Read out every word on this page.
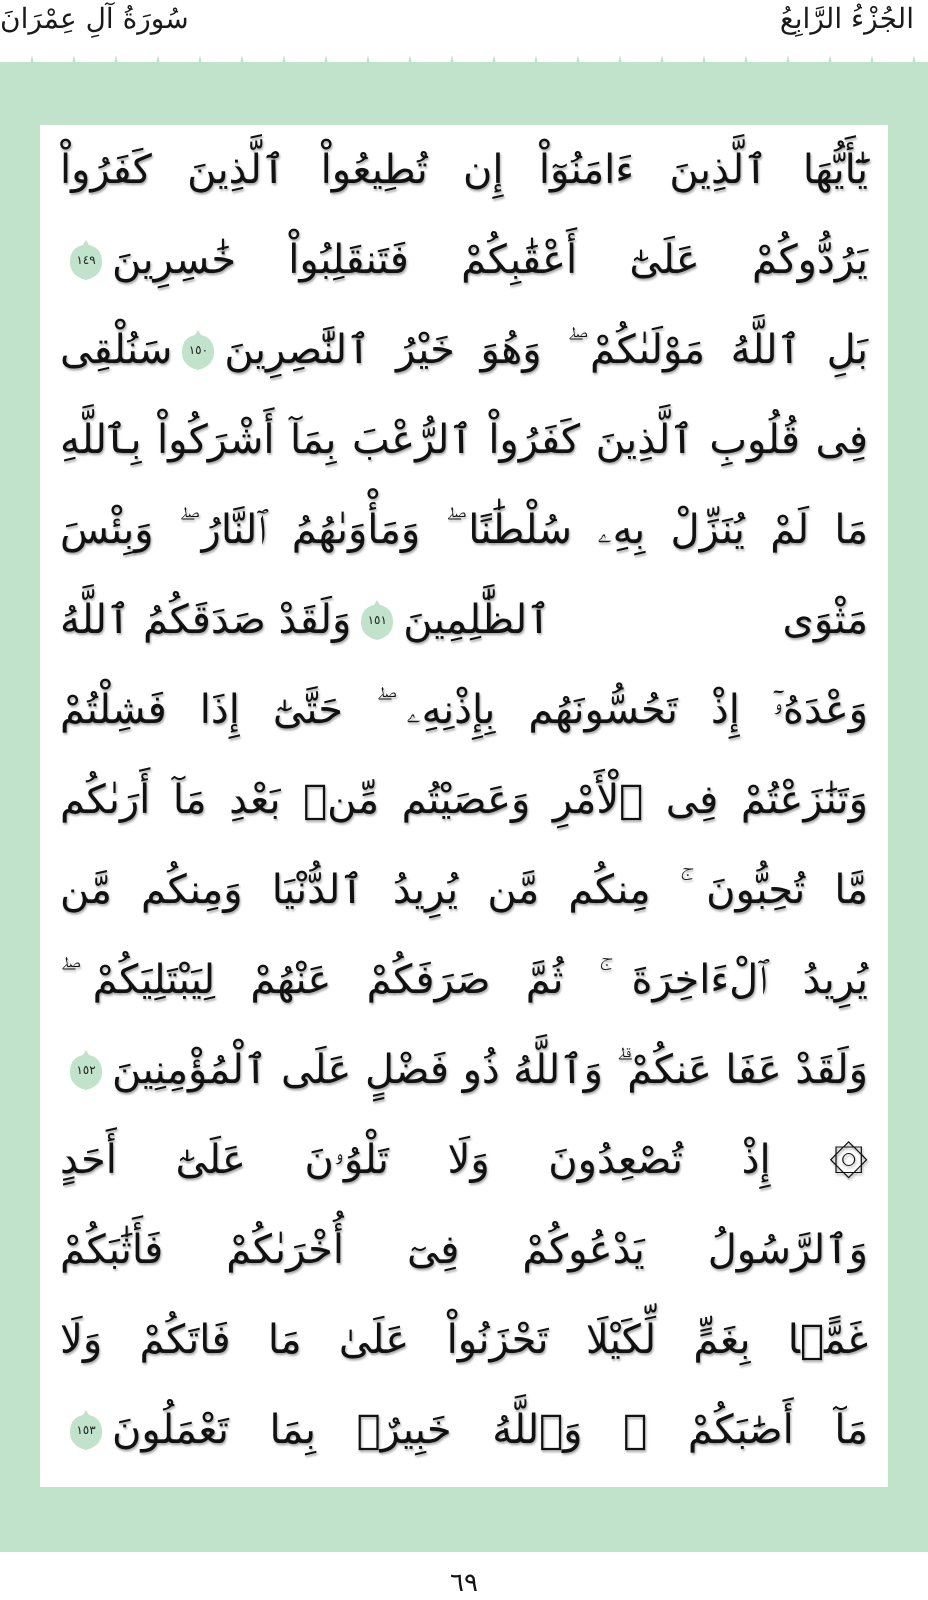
الجُزْءُ الرَّابِعُ
سُورَةُ آلِ عِمْرَانَ
يَٰٓأَيُّهَا ٱلَّذِينَ ءَامَنُوٓاْ إِن تُطِيعُواْ ٱلَّذِينَ كَفَرُواْ
يَرُدُّوكُمْ عَلَىٰٓ أَعْقَٰبِكُمْ فَتَنقَلِبُواْ خَٰسِرِينَ
١٤٩
بَلِ ٱللَّهُ مَوْلَىٰكُمْ ۖ وَهُوَ خَيْرُ ٱلنَّٰصِرِينَ
١٥٠
سَنُلْقِى
فِى قُلُوبِ ٱلَّذِينَ كَفَرُواْ ٱلرُّعْبَ بِمَآ أَشْرَكُواْ بِٱللَّهِ
مَا لَمْ يُنَزِّلْ بِهِۦ سُلْطَٰنًا ۖ وَمَأْوَىٰهُمُ ٱلنَّارُ ۖ وَبِئْسَ
مَثْوَى ٱلظَّٰلِمِينَ
١٥١
وَلَقَدْ صَدَقَكُمُ ٱللَّهُ
وَعْدَهُۥٓ إِذْ تَحُسُّونَهُم بِإِذْنِهِۦ ۖ حَتَّىٰٓ إِذَا فَشِلْتُمْ
وَتَنَٰزَعْتُمْ فِى ٱلْأَمْرِ وَعَصَيْتُم مِّنۢ بَعْدِ مَآ أَرَىٰكُم
مَّا تُحِبُّونَ ۚ مِنكُم مَّن يُرِيدُ ٱلدُّنْيَا وَمِنكُم مَّن
يُرِيدُ ٱلْءَاخِرَةَ ۚ ثُمَّ صَرَفَكُمْ عَنْهُمْ لِيَبْتَلِيَكُمْ ۖ
وَلَقَدْ عَفَا عَنكُمْ ۗ وَٱللَّهُ ذُو فَضْلٍ عَلَى ٱلْمُؤْمِنِينَ
١٥٢
۞ إِذْ تُصْعِدُونَ وَلَا تَلْوُۥنَ عَلَىٰٓ أَحَدٍ
وَٱلرَّسُولُ يَدْعُوكُمْ فِىٓ أُخْرَىٰكُمْ فَأَثَٰبَكُمْ
غَمًّۢا بِغَمٍّ لِّكَيْلَا تَحْزَنُواْ عَلَىٰ مَا فَاتَكُمْ وَلَا
مَآ أَصَٰبَكُمْ ۗ وَٱللَّهُ خَبِيرٌۢ بِمَا تَعْمَلُونَ
١٥٣
٦٩
